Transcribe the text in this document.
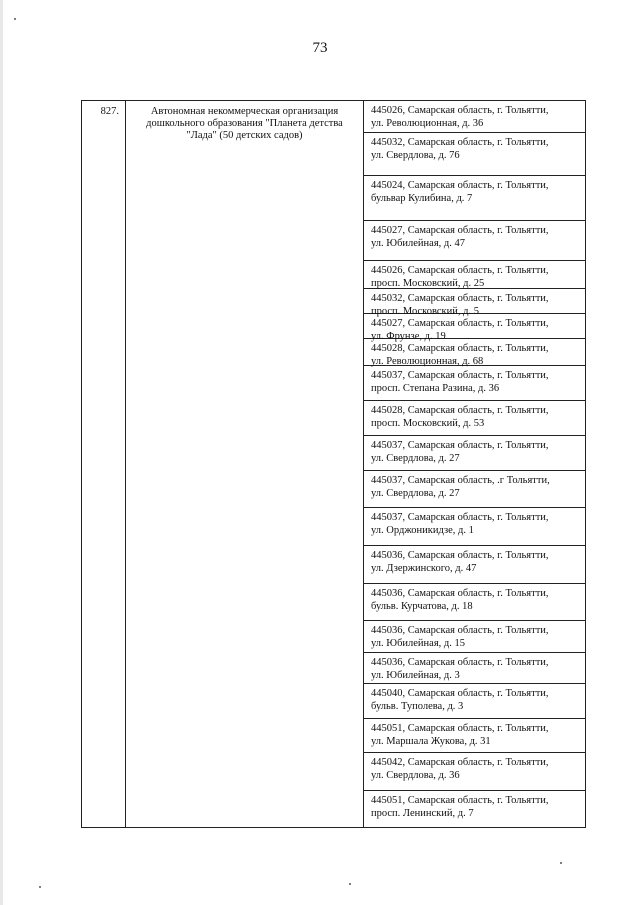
73
827.	Автономная некоммерческая организация дошкольного образования "Планета детства "Лада" (50 детских садов)
445026, Самарская область, г. Тольятти,
ул. Революционная, д. 36
445032, Самарская область, г. Тольятти,
ул. Свердлова, д. 76
445024, Самарская область, г. Тольятти,
бульвар Кулибина, д. 7
445027, Самарская область, г. Тольятти,
ул. Юбилейная, д. 47
445026, Самарская область, г. Тольятти,
просп. Московский, д. 25
445032, Самарская область, г. Тольятти,
просп. Московский, д. 5
445027, Самарская область, г. Тольятти,
ул. Фрунзе, д. 19
445028, Самарская область, г. Тольятти,
ул. Революционная, д. 68
445037, Самарская область, г. Тольятти,
просп. Степана Разина, д. 36
445028, Самарская область, г. Тольятти,
просп. Московский, д. 53
445037, Самарская область, г. Тольятти,
ул. Свердлова, д. 27
445037, Самарская область, .г Тольятти,
ул. Свердлова, д. 27
445037, Самарская область, г. Тольятти,
ул. Орджоникидзе, д. 1
445036, Самарская область, г. Тольятти,
ул. Дзержинского, д. 47
445036, Самарская область, г. Тольятти,
бульв. Курчатова, д. 18
445036, Самарская область, г. Тольятти,
ул. Юбилейная, д. 15
445036, Самарская область, г. Тольятти,
ул. Юбилейная, д. 3
445040, Самарская область, г. Тольятти,
бульв. Туполева, д. 3
445051, Самарская область, г. Тольятти,
ул. Маршала Жукова, д. 31
445042, Самарская область, г. Тольятти,
ул. Свердлова, д. 36
445051, Самарская область, г. Тольятти,
просп. Ленинский, д. 7
